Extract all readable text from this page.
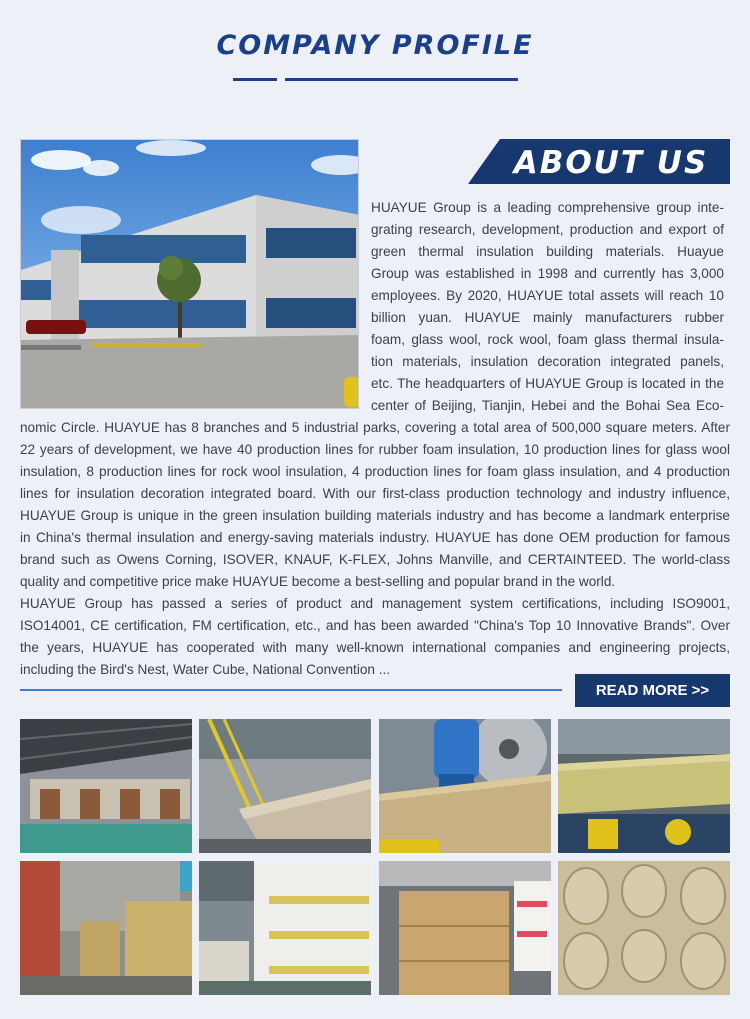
COMPANY PROFILE
ABOUT US
HUAYUE Group is a leading comprehensive group inte-
grating research, development, production and export of
green thermal insulation building materials. Huayue
Group was established in 1998 and currently has 3,000
employees. By 2020, HUAYUE total assets will reach 10
billion yuan. HUAYUE mainly manufacturers rubber
foam, glass wool, rock wool, foam glass thermal insula-
tion materials, insulation decoration integrated panels,
etc. The headquarters of HUAYUE Group is located in the
center of Beijing, Tianjin, Hebei and the Bohai Sea Eco-
nomic Circle. HUAYUE has 8 branches and 5 industrial parks, covering a total area of 500,000 square meters. After
22 years of development, we have 40 production lines for rubber foam insulation, 10 production lines for glass wool
insulation, 8 production lines for rock wool insulation, 4 production lines for foam glass insulation, and 4 production
lines for insulation decoration integrated board. With our first-class production technology and industry influence,
HUAYUE Group is unique in the green insulation building materials industry and has become a landmark enterprise
in China's thermal insulation and energy-saving materials industry. HUAYUE has done OEM production for famous
brand such as Owens Corning, ISOVER, KNAUF, K-FLEX, Johns Manville, and CERTAINTEED. The world-class
quality and competitive price make HUAYUE become a best-selling and popular brand in the world.
HUAYUE Group has passed a series of product and management system certifications, including ISO9001,
ISO14001, CE certification, FM certification, etc., and has been awarded "China's Top 10 Innovative Brands". Over
the years, HUAYUE has cooperated with many well-known international companies and engineering projects,
including the Bird's Nest, Water Cube, National Convention ...
READ MORE >>
